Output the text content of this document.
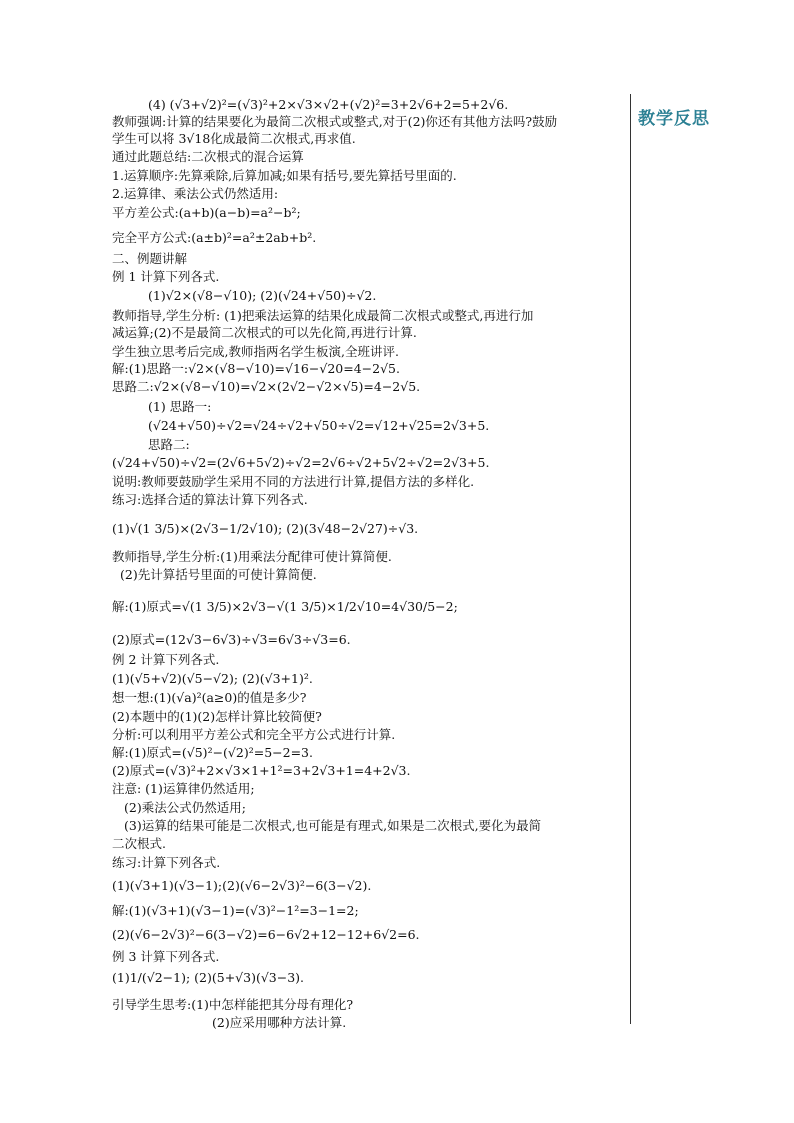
(4) (√3+√2)²=(√3)²+2×√3×√2+(√2)²=3+2√6+2=5+2√6.
教师强调:计算的结果要化为最简二次根式或整式,对于(2)你还有其他方法吗?鼓励
学生可以将 3√18化成最简二次根式,再求值.
通过此题总结:二次根式的混合运算
1.运算顺序:先算乘除,后算加减;如果有括号,要先算括号里面的.
2.运算律、乘法公式仍然适用:
平方差公式:(a+b)(a−b)=a²−b²;
完全平方公式:(a±b)²=a²±2ab+b².
二、例题讲解
例 1 计算下列各式.
(1)√2×(√8−√10); (2)(√24+√50)÷√2.
教师指导,学生分析: (1)把乘法运算的结果化成最简二次根式或整式,再进行加
减运算;(2)不是最简二次根式的可以先化简,再进行计算.
学生独立思考后完成,教师指两名学生板演,全班讲评.
解:(1)思路一:√2×(√8−√10)=√16−√20=4−2√5.
思路二:√2×(√8−√10)=√2×(2√2−√2×√5)=4−2√5.
(1) 思路一:
(√24+√50)÷√2=√24÷√2+√50÷√2=√12+√25=2√3+5.
思路二:
(√24+√50)÷√2=(2√6+5√2)÷√2=2√6÷√2+5√2÷√2=2√3+5.
说明:教师要鼓励学生采用不同的方法进行计算,提倡方法的多样化.
练习:选择合适的算法计算下列各式.
(1)√(1 3/5)×(2√3−1/2√10); (2)(3√48−2√27)÷√3.
教师指导,学生分析:(1)用乘法分配律可使计算简便.
(2)先计算括号里面的可使计算简便.
解:(1)原式=√(1 3/5)×2√3−√(1 3/5)×1/2√10=4√30/5−2;
(2)原式=(12√3−6√3)÷√3=6√3÷√3=6.
例 2 计算下列各式.
(1)(√5+√2)(√5−√2); (2)(√3+1)².
想一想:(1)(√a)²(a≥0)的值是多少?
(2)本题中的(1)(2)怎样计算比较简便?
分析:可以利用平方差公式和完全平方公式进行计算.
解:(1)原式=(√5)²−(√2)²=5−2=3.
(2)原式=(√3)²+2×√3×1+1²=3+2√3+1=4+2√3.
注意: (1)运算律仍然适用;
(2)乘法公式仍然适用;
(3)运算的结果可能是二次根式,也可能是有理式,如果是二次根式,要化为最简
二次根式.
练习:计算下列各式.
(1)(√3+1)(√3−1);(2)(√6−2√3)²−6(3−√2).
解:(1)(√3+1)(√3−1)=(√3)²−1²=3−1=2;
(2)(√6−2√3)²−6(3−√2)=6−6√2+12−12+6√2=6.
例 3 计算下列各式.
(1)1/(√2−1); (2)(5+√3)(√3−3).
引导学生思考:(1)中怎样能把其分母有理化?
(2)应采用哪种方法计算.
教学反思
